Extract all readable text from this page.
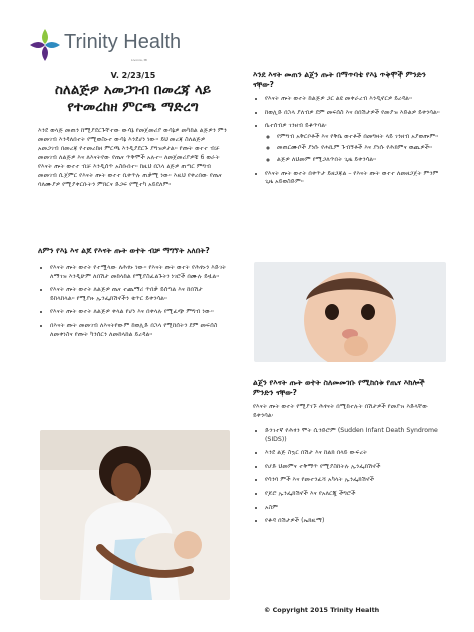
Trinity Health
Livonia, MI
V. 2/23/15
ስለልጅዎ አመጋገብ በመረጃ ላይ የተመረከዘ ምርጫ ማድረግ
እንደ ወላጅ መጠን ከሚያደርጉቸተው ውሳኔ የመጀመሪያ ውሳኔዎ መካከል ልጅዎን ምን መመገብ እንዳለበተት የሚወስኑተ ውሳኔ እንደሆነ ነው። ይህ መረጃ ስለልጅዎ አመጋገብ በመረጃ የተመረከዘ ምርጫ እንዲያደርጉ ያግዝዎታል። የጡት ወተተ ብቻ መመገብ ለልጅዎ እና ለእናትየው የጤና ጥቅሞች አሉተ። ለመጀመሪያዎቹ 6 ወራት የእናት ጡት ወተተ ብቻ እንዲሰጥ አስቡበተ። ከዚህ በኋላ ልጅዎ ጠጣር ምግብ መመገብ ሲጀምር የእናት ጡት ወተተ ቢቀጥሉ ጠቃሚ ነው። እዚህ የቀረበው የጤና ባለሙያዎ የሚያቀርቡትን ምክርና ድጋፍ የሚተካ አይደለም።
ለምን የእኔ እና ልጆ የእናት ጡት ወተት ብቻ ማግኘት አለበት?
• የእናት ጡት ወተት የተሟላው ለሕፃኑ ነው። የእናት ጡት ወተት የሕፃኑን እድገት ለማገዝ እንዲሁም ለበሽታ መከላከል የሚያስፈልጉትን ነገሮች በሙሉ ይዟል።
• የእናት ጡት ወተት ለልጅዎ ጤና ተጨማሪ ጥበቃ ይሰጣል እና ከበሽታ ይከላከላል። የሚያዙ ኢንፌክሽኖችን ቁጥር ይቀንሳል።
• የእናት ጡት ወተት ለልጅዎ ቀላል የሆነ እና በቀላሉ የሚፈጭ ምግብ ነው።
• በእናት ጡት መመገብ ለእናትየውም ከወሊድ በኋላ የሚከሰትን ደም መፍሰስ ለመቀነስና የጡት ካንሰርን ለመከላከል ይረዳል።
እንደ እናት መጠን ልጄን ጡት በማጥባቴ የእኔ ጥቅሞች ምንድን ናቸው?
• የእናት ጡት ወተት ከልጅዎ ጋር ልዩ መቀራረብ እንዲኖርዎ ይረዳል።
• ከወሊድ በኋላ ያለብዎ ደም መፍሰስ እና በበሽታዎች የመያዝ እድልዎ ይቀንሳል።
• ቤተሰብዎ ገንዘብ ይቆጥባል፡
◦ የምግብ አቅርቦቶች እና የቅቤ ወተቶች በመግዛት ላይ ገንዘብ አያወጡም።
◦ መጠርሙሶች ያነሱ የሐኪም ጉብኝቶች እና ያነሱ የሕክምና ወጪዎች።
◦ ልጅዎ ለህመም የሚጋለጥበት ጊዜ ይቀንሳል።
• የእናት ጡት ወተት በቀጥታ ይዘጋጃል – የእናት ጡት ወተተ ለመዘጋጀት ምንም ጊዜ አይወስድም።
ልጄን የእናት ጡት ወተት ስለመመገቡ የሚከሰቱ የጤና እክሎች ምንድን ናቸው?
የእናት ጡት ወተት የሚያገኙ ሕፃናት በሚከተሉት በሽታዎች የመያዝ እድላቸው ይቀንሳል፡
• ድንገተኛ የሕፃን ሞት ሲንድሮም (Sudden Infant Death Syndrome (SIDS))
• እንደ ልጅ ስኳር በሽታ እና ከልክ በላይ ውፍረት
• የሆድ ህመምና ተቅማጥ የሚያስከትሉ ኢንፌክሽኖች
• የሳንባ ምች እና የመተንፈሻ አካላት ኢንፌክሽኖች
• የጆሮ ኢንፌክሽኖች እና የአለርጂ ችግሮች
• አስም
• የቆዳ በሽታዎች (ኤክዚማ)
© Copyright 2015 Trinity Health
